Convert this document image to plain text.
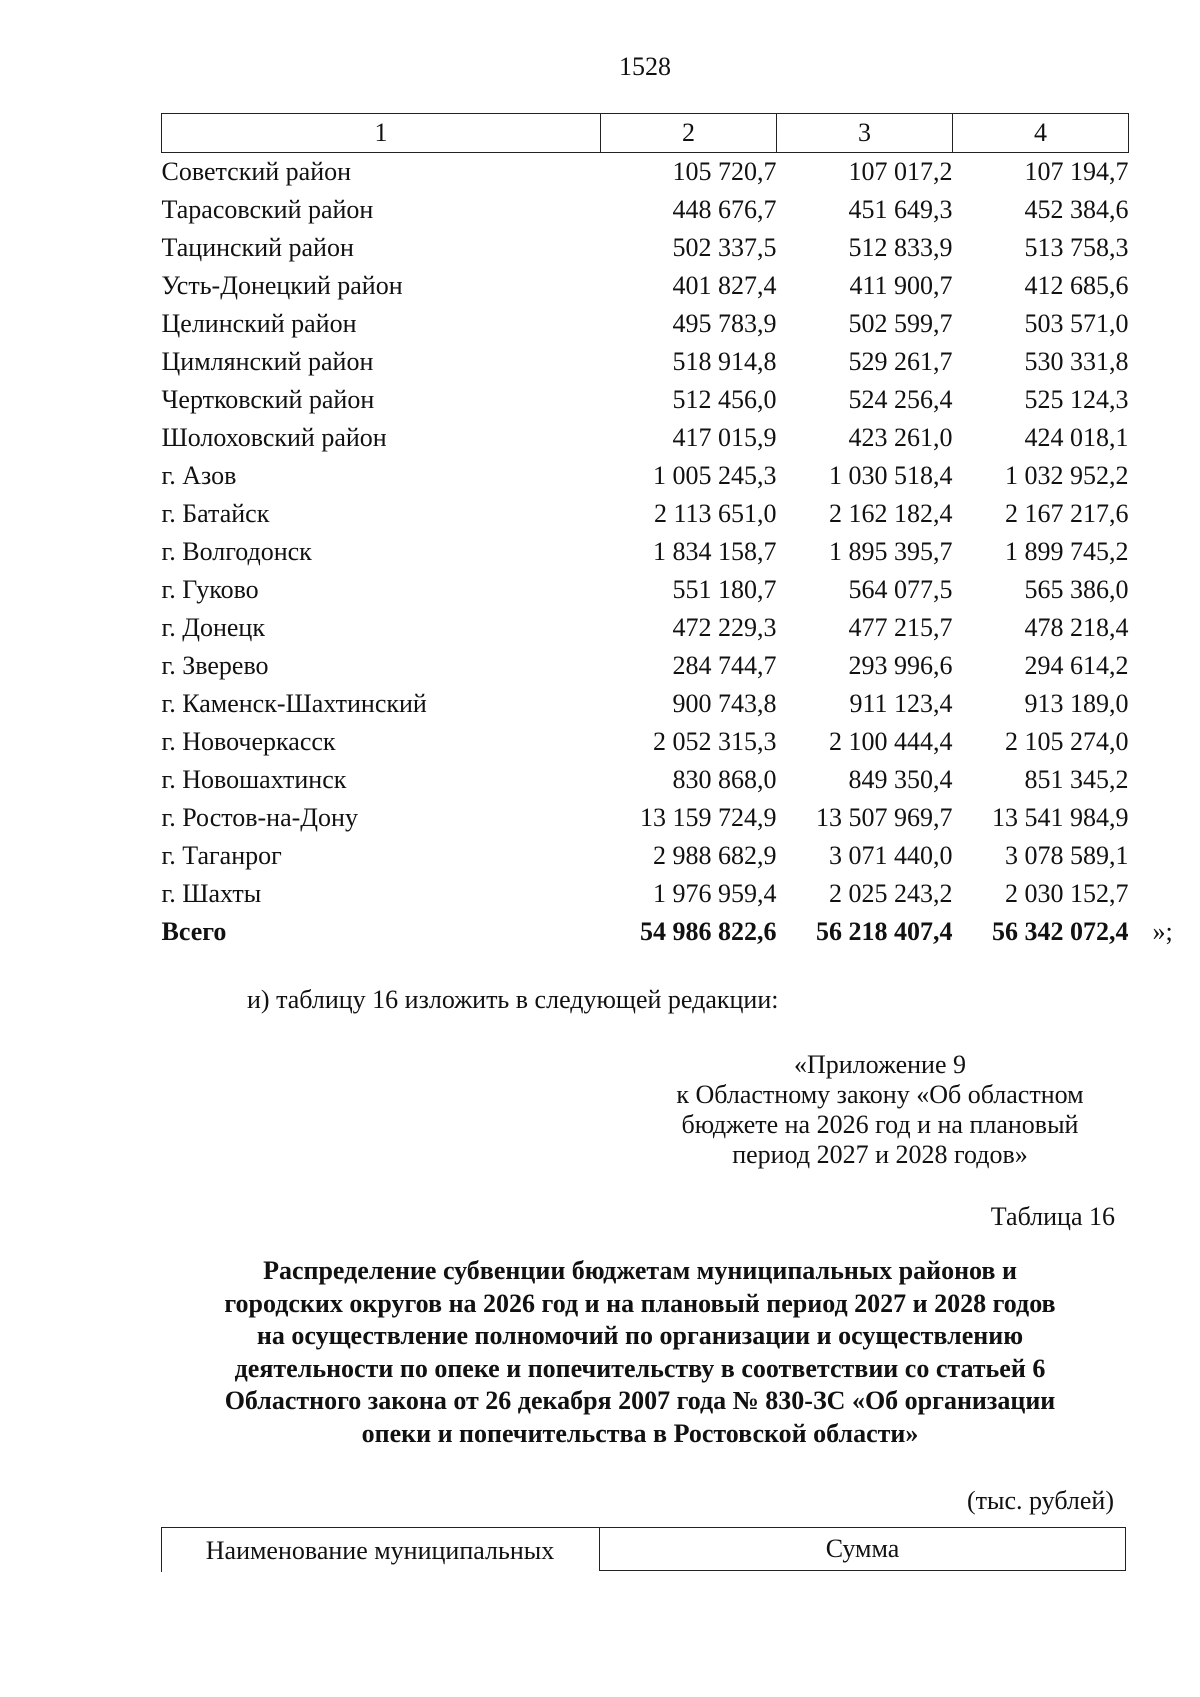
1528
1	2	3	4
Советский район	105 720,7	107 017,2	107 194,7
Тарасовский район	448 676,7	451 649,3	452 384,6
Тацинский район	502 337,5	512 833,9	513 758,3
Усть-Донецкий район	401 827,4	411 900,7	412 685,6
Целинский район	495 783,9	502 599,7	503 571,0
Цимлянский район	518 914,8	529 261,7	530 331,8
Чертковский район	512 456,0	524 256,4	525 124,3
Шолоховский район	417 015,9	423 261,0	424 018,1
г. Азов	1 005 245,3	1 030 518,4	1 032 952,2
г. Батайск	2 113 651,0	2 162 182,4	2 167 217,6
г. Волгодонск	1 834 158,7	1 895 395,7	1 899 745,2
г. Гуково	551 180,7	564 077,5	565 386,0
г. Донецк	472 229,3	477 215,7	478 218,4
г. Зверево	284 744,7	293 996,6	294 614,2
г. Каменск-Шахтинский	900 743,8	911 123,4	913 189,0
г. Новочеркасск	2 052 315,3	2 100 444,4	2 105 274,0
г. Новошахтинск	830 868,0	849 350,4	851 345,2
г. Ростов-на-Дону	13 159 724,9	13 507 969,7	13 541 984,9
г. Таганрог	2 988 682,9	3 071 440,0	3 078 589,1
г. Шахты	1 976 959,4	2 025 243,2	2 030 152,7
Всего	54 986 822,6	56 218 407,4	56 342 072,4 »;
и) таблицу 16 изложить в следующей редакции:
«Приложение 9
к Областному закону «Об областном
бюджете на 2026 год и на плановый
период 2027 и 2028 годов»
Таблица 16
Распределение субвенции бюджетам муниципальных районов и
городских округов на 2026 год и на плановый период 2027 и 2028 годов
на осуществление полномочий по организации и осуществлению
деятельности по опеке и попечительству в соответствии со статьей 6
Областного закона от 26 декабря 2007 года № 830-ЗС «Об организации
опеки и попечительства в Ростовской области»
(тыс. рублей)
Наименование муниципальных	Сумма
